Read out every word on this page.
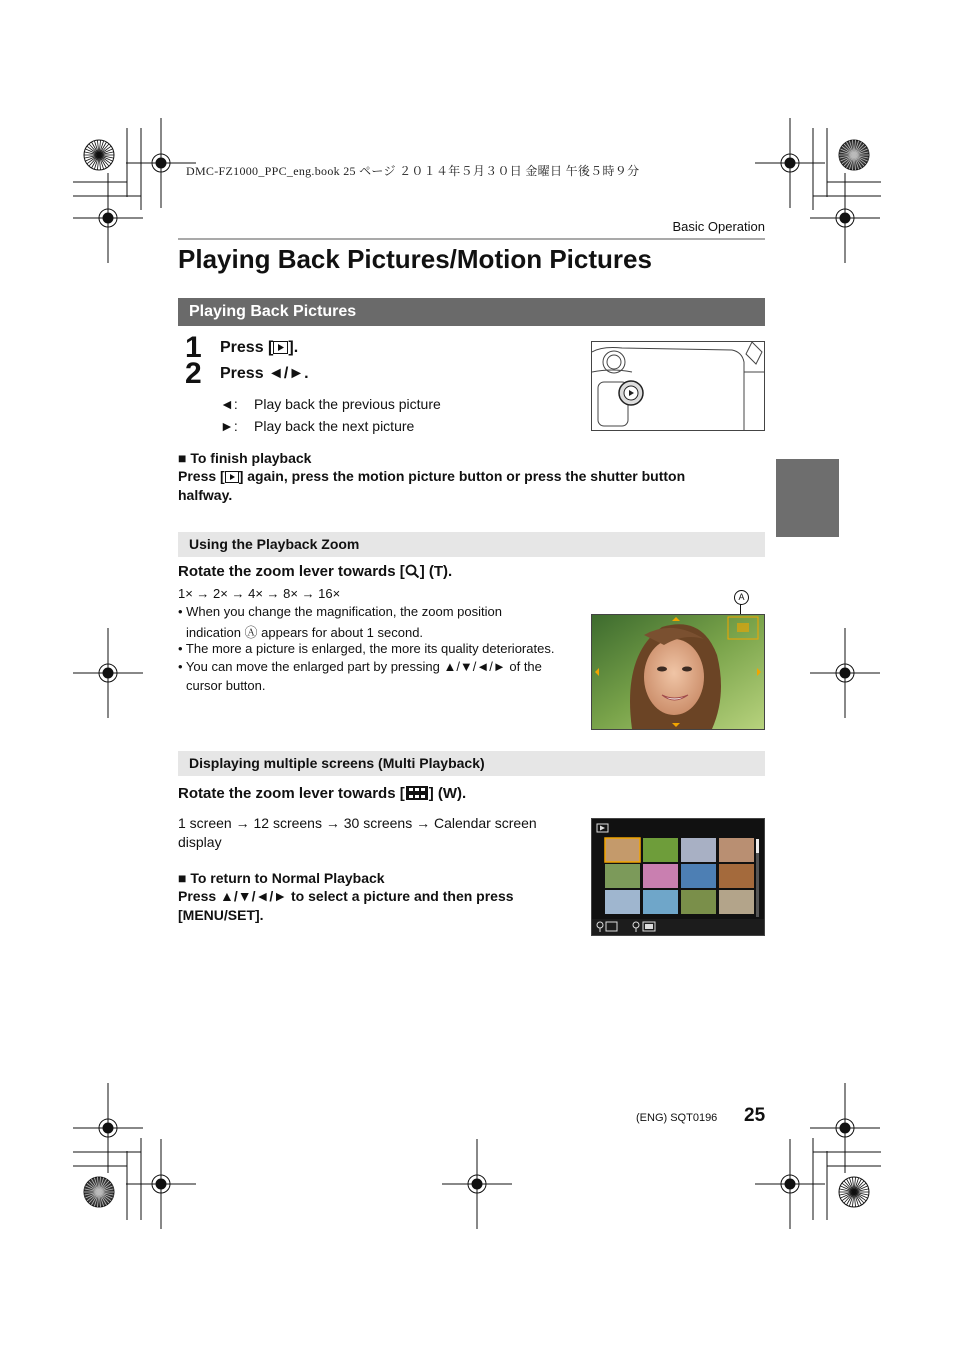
DMC-FZ1000_PPC_eng.book 25 ページ ２０１４年５月３０日 金曜日 午後５時９分
Basic Operation
Playing Back Pictures/Motion Pictures
Playing Back Pictures
1 Press [ ].
2 Press ◄/►.
◄: Play back the previous picture
►: Play back the next picture
■ To finish playback
Press [ ] again, press the motion picture button or press the shutter button
halfway.
Using the Playback Zoom
Rotate the zoom lever towards [ ] (T).
1× → 2× → 4× → 8× → 16×
• When you change the magnification, the zoom position
indication Ⓐ appears for about 1 second.
• The more a picture is enlarged, the more its quality deteriorates.
• You can move the enlarged part by pressing ▲/▼/◄/► of the
cursor button.
A
Displaying multiple screens (Multi Playback)
Rotate the zoom lever towards [ ] (W).
1 screen → 12 screens → 30 screens → Calendar screen
display
■ To return to Normal Playback
Press ▲/▼/◄/► to select a picture and then press
[MENU/SET].
(ENG) SQT0196 25
